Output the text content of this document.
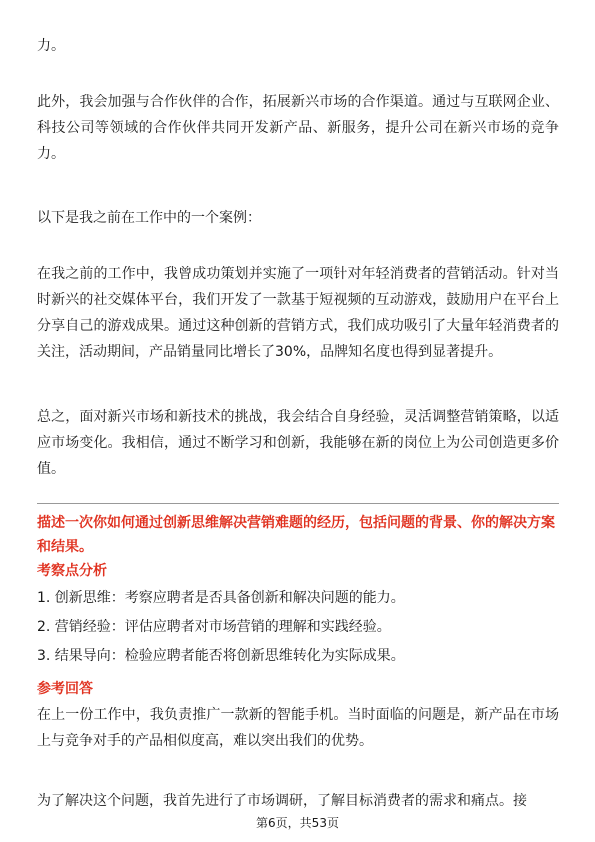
力。

此外，我会加强与合作伙伴的合作，拓展新兴市场的合作渠道。通过与互联网企业、科技公司等领域的合作伙伴共同开发新产品、新服务，提升公司在新兴市场的竞争力。

以下是我之前在工作中的一个案例：

在我之前的工作中，我曾成功策划并实施了一项针对年轻消费者的营销活动。针对当时新兴的社交媒体平台，我们开发了一款基于短视频的互动游戏，鼓励用户在平台上分享自己的游戏成果。通过这种创新的营销方式，我们成功吸引了大量年轻消费者的关注，活动期间，产品销量同比增长了30%，品牌知名度也得到显著提升。

总之，面对新兴市场和新技术的挑战，我会结合自身经验，灵活调整营销策略，以适应市场变化。我相信，通过不断学习和创新，我能够在新的岗位上为公司创造更多价值。

描述一次你如何通过创新思维解决营销难题的经历，包括问题的背景、你的解决方案和结果。

考察点分析

1. 创新思维：考察应聘者是否具备创新和解决问题的能力。

2. 营销经验：评估应聘者对市场营销的理解和实践经验。

3. 结果导向：检验应聘者能否将创新思维转化为实际成果。

参考回答

在上一份工作中，我负责推广一款新的智能手机。当时面临的问题是，新产品在市场上与竞争对手的产品相似度高，难以突出我们的优势。

为了解决这个问题，我首先进行了市场调研，了解目标消费者的需求和痛点。接

第6页，共53页
